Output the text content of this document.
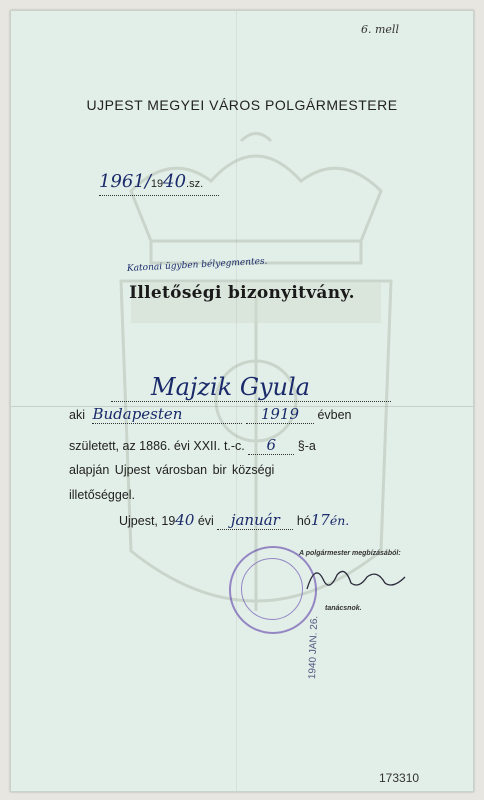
6. mell
UJPEST MEGYEI VÁROS POLGÁRMESTERE
1961/1940.sz.
Katonai ügyben bélyegmentes.
Illetőségi bizonyitvány.
Majzik Gyula
aki Budapesten	1919 évben
született, az 1886. évi XXII. t.-c. 6 §-a
alapján Ujpest városban bir községi
illetőséggel.
Ujpest, 1940 évi január hó17én.
A polgármester megbízásából:
tanácsnok.
1940 JAN. 26.
173310
